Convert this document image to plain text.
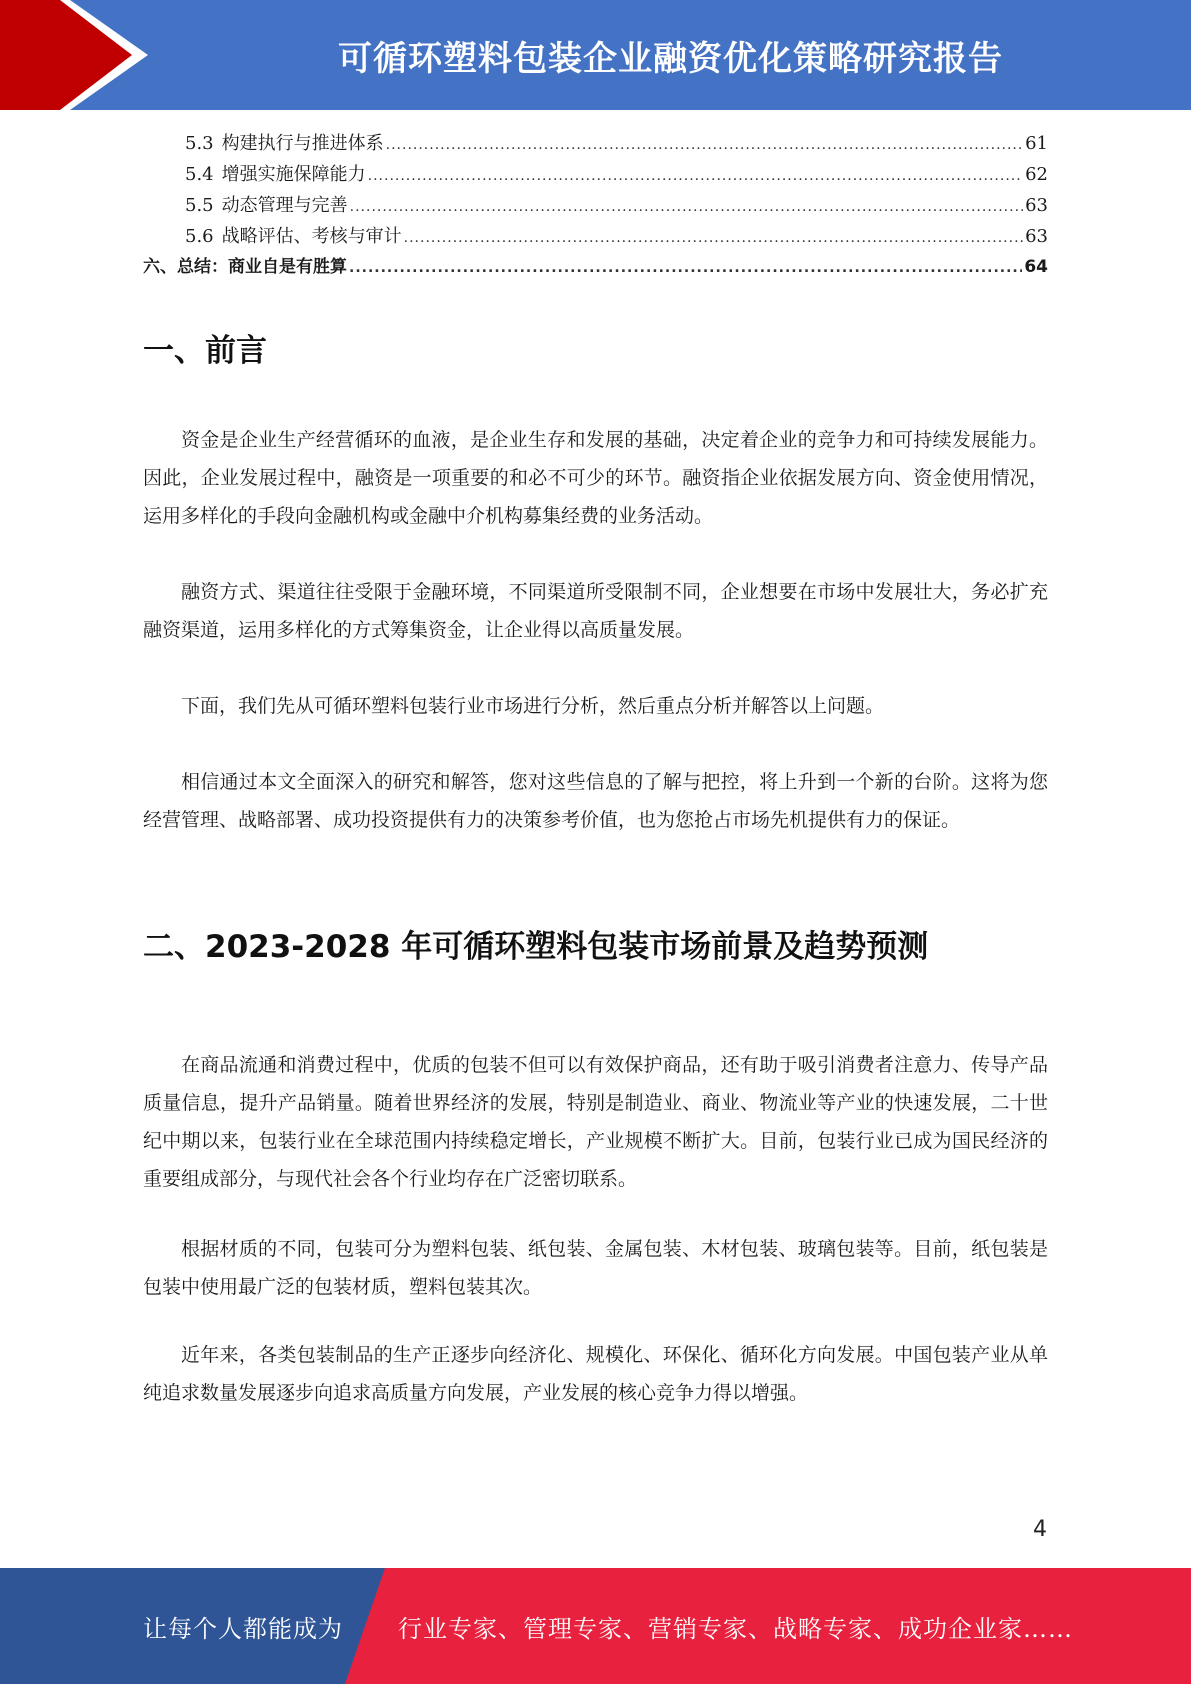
可循环塑料包装企业融资优化策略研究报告
5.3 构建执行与推进体系 .....	61
5.4 增强实施保障能力 .....	62
5.5 动态管理与完善 .....	63
5.6 战略评估、考核与审计 .....	63
六、总结：商业自是有胜算 .....	64
一、前言

资金是企业生产经营循环的血液，是企业生存和发展的基础，决定着企业的竞争力和可持续发展能力。因此，企业发展过程中，融资是一项重要的和必不可少的环节。融资指企业依据发展方向、资金使用情况，运用多样化的手段向金融机构或金融中介机构募集经费的业务活动。

融资方式、渠道往往受限于金融环境，不同渠道所受限制不同，企业想要在市场中发展壮大，务必扩充融资渠道，运用多样化的方式筹集资金，让企业得以高质量发展。

下面，我们先从可循环塑料包装行业市场进行分析，然后重点分析并解答以上问题。

相信通过本文全面深入的研究和解答，您对这些信息的了解与把控，将上升到一个新的台阶。这将为您经营管理、战略部署、成功投资提供有力的决策参考价值，也为您抢占市场先机提供有力的保证。

二、2023-2028 年可循环塑料包装市场前景及趋势预测

在商品流通和消费过程中，优质的包装不但可以有效保护商品，还有助于吸引消费者注意力、传导产品质量信息，提升产品销量。随着世界经济的发展，特别是制造业、商业、物流业等产业的快速发展，二十世纪中期以来，包装行业在全球范围内持续稳定增长，产业规模不断扩大。目前，包装行业已成为国民经济的重要组成部分，与现代社会各个行业均存在广泛密切联系。

根据材质的不同，包装可分为塑料包装、纸包装、金属包装、木材包装、玻璃包装等。目前，纸包装是包装中使用最广泛的包装材质，塑料包装其次。

近年来，各类包装制品的生产正逐步向经济化、规模化、环保化、循环化方向发展。中国包装产业从单纯追求数量发展逐步向追求高质量方向发展，产业发展的核心竞争力得以增强。

4
让每个人都能成为 行业专家、管理专家、营销专家、战略专家、成功企业家……
